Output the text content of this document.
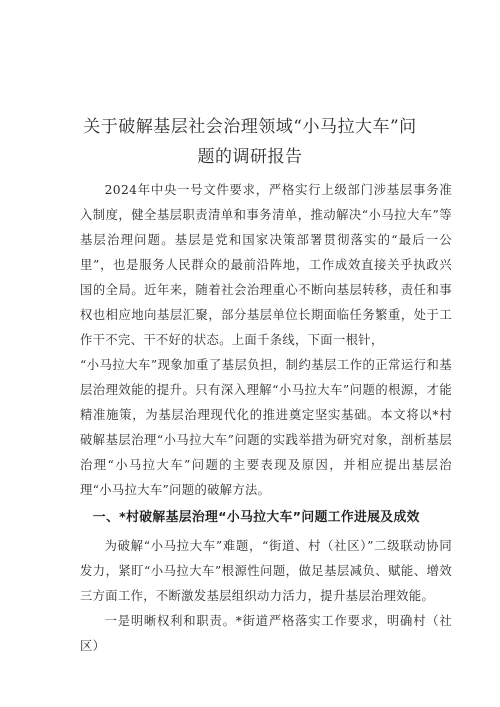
关于破解基层社会治理领域“小马拉大车”问
题的调研报告

2024年中央一号文件要求，严格实行上级部门涉基层事务准入制度，健全基层职责清单和事务清单，推动解决“小马拉大车”等基层治理问题。基层是党和国家决策部署贯彻落实的“最后一公里”，也是服务人民群众的最前沿阵地，工作成效直接关乎执政兴国的全局。近年来，随着社会治理重心不断向基层转移，责任和事权也相应地向基层汇聚，部分基层单位长期面临任务繁重，处于工作干不完、干不好的状态。上面千条线，下面一根针，

“小马拉大车”现象加重了基层负担，制约基层工作的正常运行和基层治理效能的提升。只有深入理解“小马拉大车”问题的根源，才能精准施策，为基层治理现代化的推进奠定坚实基础。本文将以*村破解基层治理“小马拉大车”问题的实践举措为研究对象，剖析基层治理“小马拉大车”问题的主要表现及原因，并相应提出基层治理“小马拉大车”问题的破解方法。

一、*村破解基层治理“小马拉大车”问题工作进展及成效

为破解“小马拉大车”难题，“街道、村（社区）”二级联动协同发力，紧盯“小马拉大车”根源性问题，做足基层减负、赋能、增效三方面工作，不断激发基层组织动力活力，提升基层治理效能。

一是明晰权利和职责。*街道严格落实工作要求，明确村（社区）
